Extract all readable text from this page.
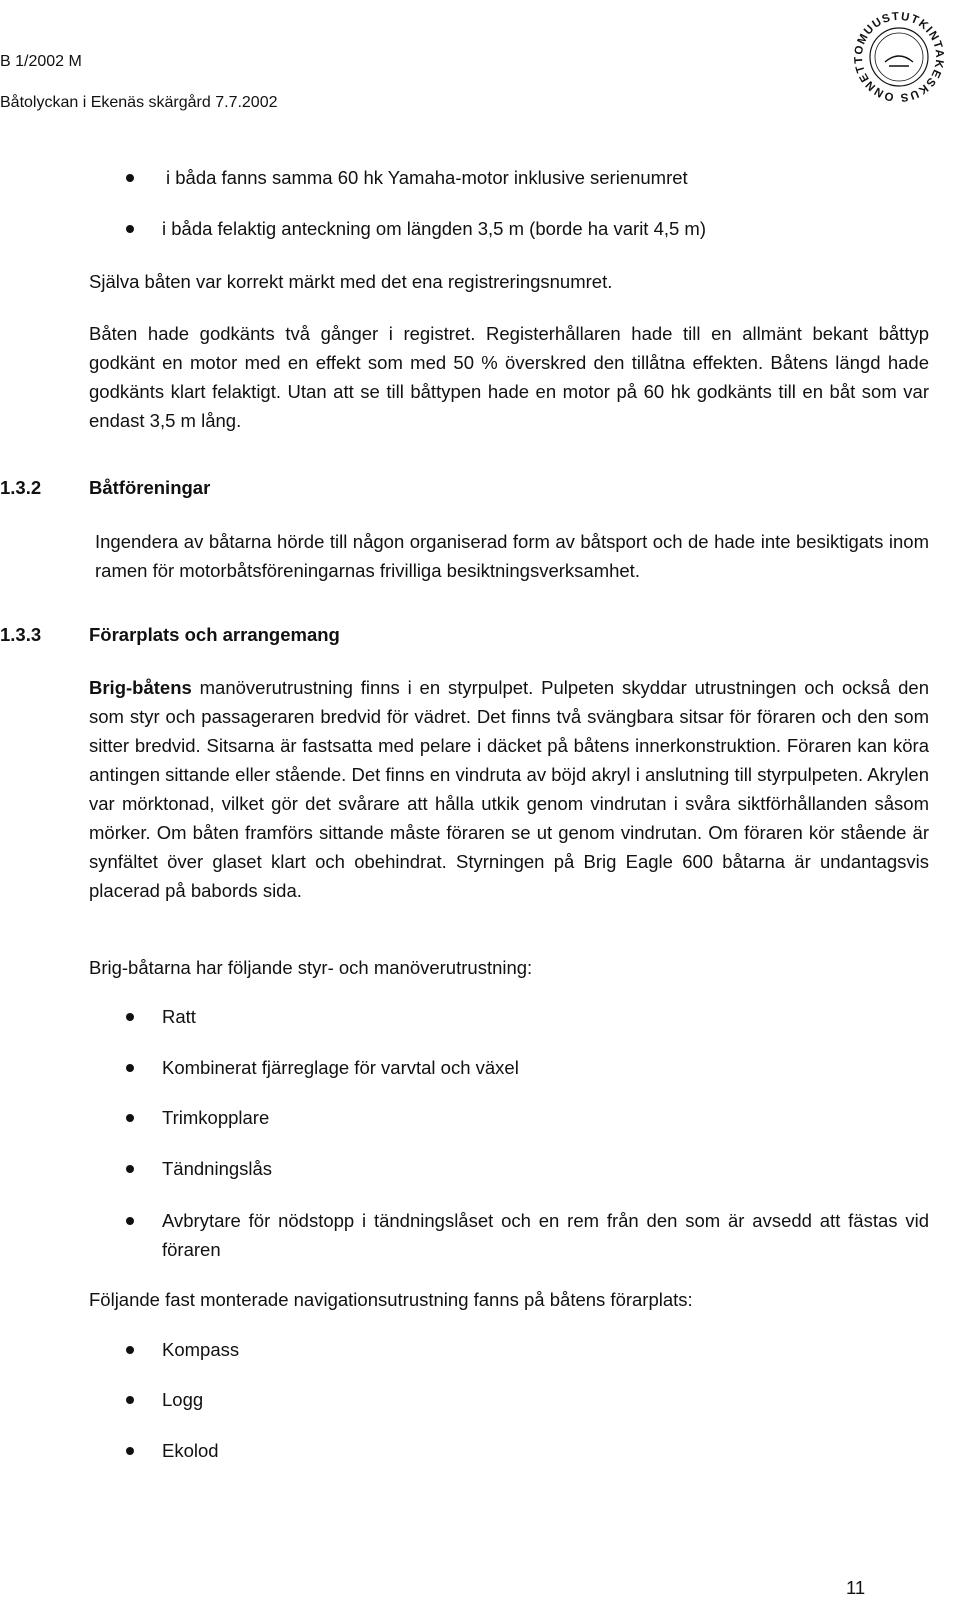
B 1/2002 M
Båtolyckan i Ekenäs skärgård 7.7.2002	ONNETTOMUUSTUTKINTAKESKUS
i båda fanns samma 60 hk Yamaha-motor inklusive serienumret
i båda felaktig anteckning om längden 3,5 m (borde ha varit 4,5 m)
Själva båten var korrekt märkt med det ena registreringsnumret.
Båten hade godkänts två gånger i registret. Registerhållaren hade till en allmänt bekant båttyp godkänt en motor med en effekt som med 50 % överskred den tillåtna effekten. Båtens längd hade godkänts klart felaktigt. Utan att se till båttypen hade en motor på 60 hk godkänts till en båt som var endast 3,5 m lång.
1.3.2	Båtföreningar
Ingendera av båtarna hörde till någon organiserad form av båtsport och de hade inte besiktigats inom ramen för motorbåtsföreningarnas frivilliga besiktningsverksamhet.
1.3.3	Förarplats och arrangemang
Brig-båtens manöverutrustning finns i en styrpulpet. Pulpeten skyddar utrustningen och också den som styr och passageraren bredvid för vädret. Det finns två svängbara sitsar för föraren och den som sitter bredvid. Sitsarna är fastsatta med pelare i däcket på båtens innerkonstruktion. Föraren kan köra antingen sittande eller stående. Det finns en vindruta av böjd akryl i anslutning till styrpulpeten. Akrylen var mörktonad, vilket gör det svårare att hålla utkik genom vindrutan i svåra siktförhållanden såsom mörker. Om båten framförs sittande måste föraren se ut genom vindrutan. Om föraren kör stående är synfältet över glaset klart och obehindrat. Styrningen på Brig Eagle 600 båtarna är undantagsvis placerad på babords sida.
Brig-båtarna har följande styr- och manöverutrustning:
Ratt
Kombinerat fjärreglage för varvtal och växel
Trimkopplare
Tändningslås
Avbrytare för nödstopp i tändningslåset och en rem från den som är avsedd att fästas vid föraren
Följande fast monterade navigationsutrustning fanns på båtens förarplats:
Kompass
Logg
Ekolod
11
